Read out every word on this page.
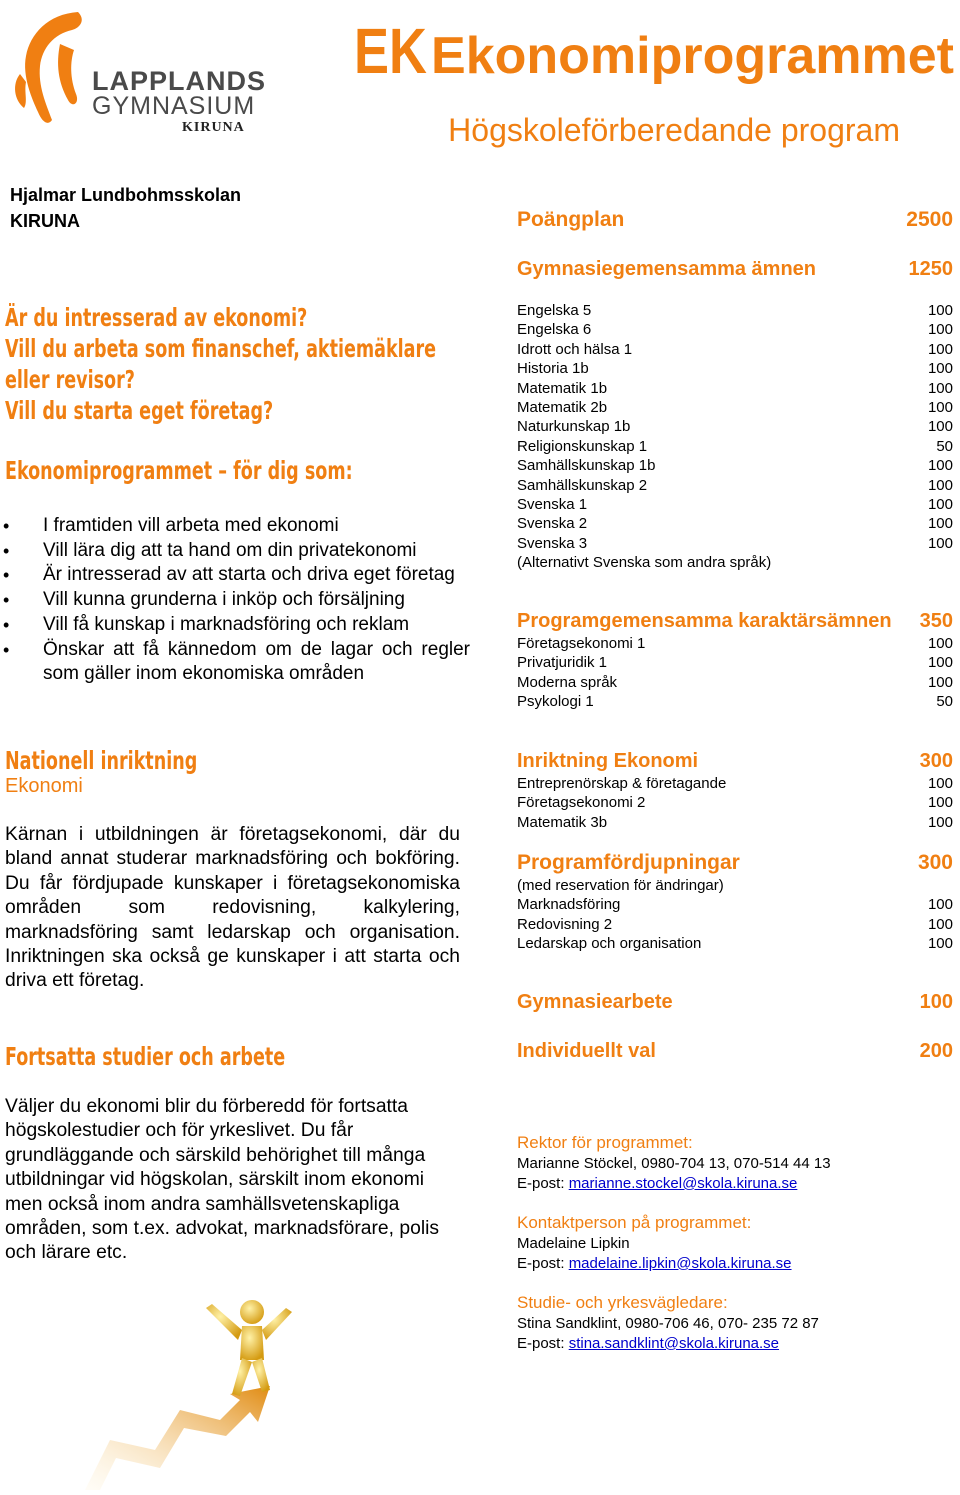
LAPPLANDS
GYMNASIUM
KIRUNA
EK Ekonomiprogrammet
Högskoleförberedande program
Hjalmar Lundbohmsskolan
KIRUNA
Är du intresserad av ekonomi?
Vill du arbeta som finanschef, aktiemäklare
eller revisor?
Vill du starta eget företag?
Ekonomiprogrammet – för dig som:
• I framtiden vill arbeta med ekonomi
• Vill lära dig att ta hand om din privatekonomi
• Är intresserad av att starta och driva eget företag
• Vill kunna grunderna i inköp och försäljning
• Vill få kunskap i marknadsföring och reklam
• Önskar att få kännedom om de lagar och regler som gäller inom ekonomiska områden
Nationell inriktning
Ekonomi
Kärnan i utbildningen är företagsekonomi, där du bland annat studerar marknadsföring och bokföring. Du får fördjupade kunskaper i företagsekonomiska områden som redovisning, kalkylering, marknadsföring samt ledarskap och organisation. Inriktningen ska också ge kunskaper i att starta och driva ett företag.
Fortsatta studier och arbete
Väljer du ekonomi blir du förberedd för fortsatta högskolestudier och för yrkeslivet. Du får grundläggande och särskild behörighet till många utbildningar vid högskolan, särskilt inom ekonomi men också inom andra samhällsvetenskapliga områden, som t.ex. advokat, marknadsförare, polis och lärare etc.
Poängplan	2500
Gymnasiegemensamma ämnen	1250
Engelska 5	100
Engelska 6	100
Idrott och hälsa 1	100
Historia 1b	100
Matematik 1b	100
Matematik 2b	100
Naturkunskap 1b	100
Religionskunskap 1	50
Samhällskunskap 1b	100
Samhällskunskap 2	100
Svenska 1	100
Svenska 2	100
Svenska 3	100
(Alternativt Svenska som andra språk)
Programgemensamma karaktärsämnen 350
Företagsekonomi 1	100
Privatjuridik 1	100
Moderna språk	100
Psykologi 1	50
Inriktning Ekonomi	300
Entreprenörskap & företagande	100
Företagsekonomi 2	100
Matematik 3b	100
Programfördjupningar	300
(med reservation för ändringar)
Marknadsföring	100
Redovisning 2	100
Ledarskap och organisation	100
Gymnasiearbete	100
Individuellt val	200
Rektor för programmet:
Marianne Stöckel, 0980-704 13, 070-514 44 13
E-post: marianne.stockel@skola.kiruna.se
Kontaktperson på programmet:
Madelaine Lipkin
E-post: madelaine.lipkin@skola.kiruna.se
Studie- och yrkesvägledare:
Stina Sandklint, 0980-706 46, 070- 235 72 87
E-post: stina.sandklint@skola.kiruna.se
